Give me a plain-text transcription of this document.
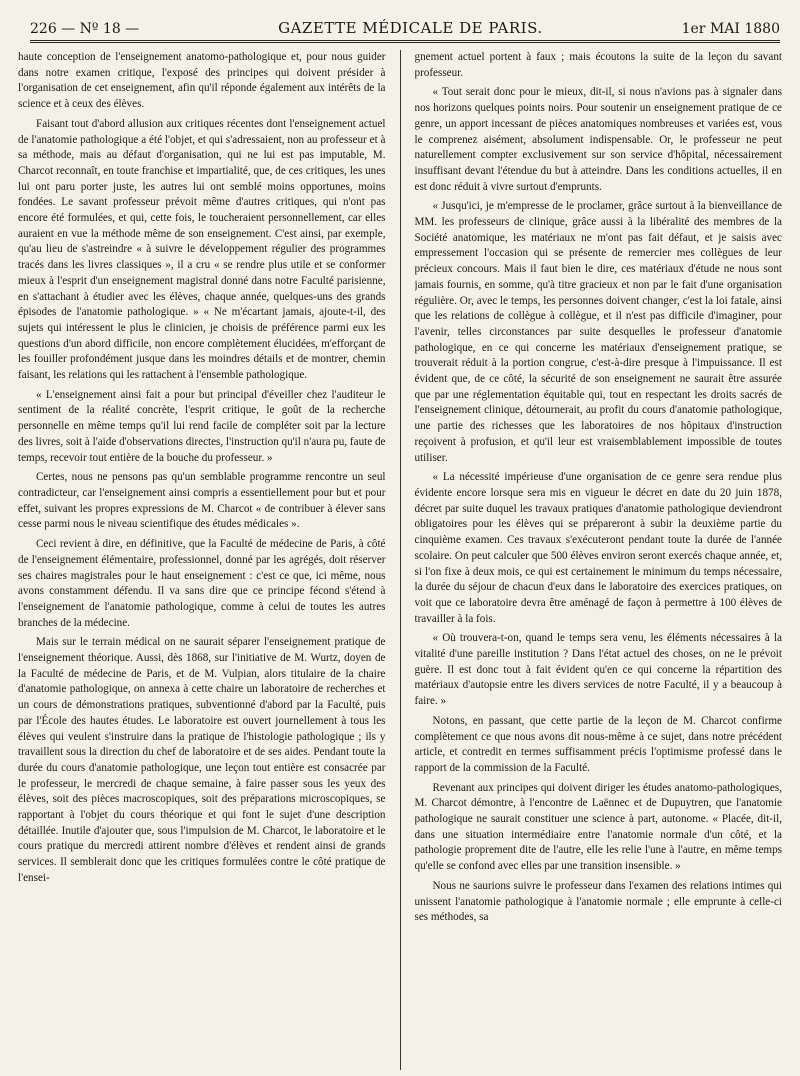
226 — Nº 18 —	GAZETTE MÉDICALE DE PARIS.	1er MAI 1880

haute conception de l'enseignement anatomo-pathologique et, pour nous guider dans notre examen critique, l'exposé des principes qui doivent présider à l'organisation de cet enseignement, afin qu'il réponde également aux intérêts de la science et à ceux des élèves.

Faisant tout d'abord allusion aux critiques récentes dont l'enseignement actuel de l'anatomie pathologique a été l'objet, et qui s'adressaient, non au professeur et à sa méthode, mais au défaut d'organisation, qui ne lui est pas imputable, M. Charcot reconnaît, en toute franchise et impartialité, que, de ces critiques, les unes lui ont paru porter juste, les autres lui ont semblé moins opportunes, moins fondées. Le savant professeur prévoit même d'autres critiques, qui n'ont pas encore été formulées, et qui, cette fois, le toucheraient personnellement, car elles auraient en vue la méthode même de son enseignement. C'est ainsi, par exemple, qu'au lieu de s'astreindre « à suivre le développement régulier des programmes tracés dans les livres classiques », il a cru « se rendre plus utile et se conformer mieux à l'esprit d'un enseignement magistral donné dans notre Faculté parisienne, en s'attachant à étudier avec les élèves, chaque année, quelques-uns des grands épisodes de l'anatomie pathologique. » « Ne m'écartant jamais, ajoute-t-il, des sujets qui intéressent le plus le clinicien, je choisis de préférence parmi eux les questions d'un abord difficile, non encore complètement élucidées, m'efforçant de les fouiller profondément jusque dans les moindres détails et de montrer, chemin faisant, les relations qui les rattachent à l'ensemble pathologique.

« L'enseignement ainsi fait a pour but principal d'éveiller chez l'auditeur le sentiment de la réalité concrète, l'esprit critique, le goût de la recherche personnelle en même temps qu'il lui rend facile de compléter soit par la lecture des livres, soit à l'aide d'observations directes, l'instruction qu'il n'aura pu, faute de temps, recevoir tout entière de la bouche du professeur. »

Certes, nous ne pensons pas qu'un semblable programme rencontre un seul contradicteur, car l'enseignement ainsi compris a essentiellement pour but et pour effet, suivant les propres expressions de M. Charcot « de contribuer à élever sans cesse parmi nous le niveau scientifique des études médicales ».

Ceci revient à dire, en définitive, que la Faculté de médecine de Paris, à côté de l'enseignement élémentaire, professionnel, donné par les agrégés, doit réserver ses chaires magistrales pour le haut enseignement : c'est ce que, ici même, nous avons constamment défendu. Il va sans dire que ce principe fécond s'étend à l'enseignement de l'anatomie pathologique, comme à celui de toutes les autres branches de la médecine.

Mais sur le terrain médical on ne saurait séparer l'enseignement pratique de l'enseignement théorique. Aussi, dès 1868, sur l'initiative de M. Wurtz, doyen de la Faculté de médecine de Paris, et de M. Vulpian, alors titulaire de la chaire d'anatomie pathologique, on annexa à cette chaire un laboratoire de recherches et un cours de démonstrations pratiques, subventionné d'abord par la Faculté, puis par l'École des hautes études. Le laboratoire est ouvert journellement à tous les élèves qui veulent s'instruire dans la pratique de l'histologie pathologique ; ils y travaillent sous la direction du chef de laboratoire et de ses aides. Pendant toute la durée du cours d'anatomie pathologique, une leçon tout entière est consacrée par le professeur, le mercredi de chaque semaine, à faire passer sous les yeux des élèves, soit des pièces macroscopiques, soit des préparations microscopiques, se rapportant à l'objet du cours théorique et qui font le sujet d'une description détaillée. Inutile d'ajouter que, sous l'impulsion de M. Charcot, le laboratoire et le cours pratique du mercredi attirent nombre d'élèves et rendent ainsi de grands services. Il semblerait donc que les critiques formulées contre le côté pratique de l'ensei-

gnement actuel portent à faux ; mais écoutons la suite de la leçon du savant professeur.

« Tout serait donc pour le mieux, dit-il, si nous n'avions pas à signaler dans nos horizons quelques points noirs. Pour soutenir un enseignement pratique de ce genre, un apport incessant de pièces anatomiques nombreuses et variées est, vous le comprenez aisément, absolument indispensable. Or, le professeur ne peut naturellement compter exclusivement sur son service d'hôpital, nécessairement insuffisant devant l'étendue du but à atteindre. Dans les conditions actuelles, il en est donc réduit à vivre surtout d'emprunts.

« Jusqu'ici, je m'empresse de le proclamer, grâce surtout à la bienveillance de MM. les professeurs de clinique, grâce aussi à la libéralité des membres de la Société anatomique, les matériaux ne m'ont pas fait défaut, et je saisis avec empressement l'occasion qui se présente de remercier mes collègues de leur précieux concours. Mais il faut bien le dire, ces matériaux d'étude ne nous sont jamais fournis, en somme, qu'à titre gracieux et non par le fait d'une organisation régulière. Or, avec le temps, les personnes doivent changer, c'est la loi fatale, ainsi que les relations de collègue à collègue, et il n'est pas difficile d'imaginer, pour l'avenir, telles circonstances par suite desquelles le professeur d'anatomie pathologique, en ce qui concerne les matériaux d'enseignement pratique, se trouverait réduit à la portion congrue, c'est-à-dire presque à l'impuissance. Il est évident que, de ce côté, la sécurité de son enseignement ne saurait être assurée que par une réglementation équitable qui, tout en respectant les droits sacrés de l'enseignement clinique, détournerait, au profit du cours d'anatomie pathologique, une partie des richesses que les laboratoires de nos hôpitaux d'instruction reçoivent à profusion, et qu'il leur est vraisemblablement impossible de toutes utiliser.

« La nécessité impérieuse d'une organisation de ce genre sera rendue plus évidente encore lorsque sera mis en vigueur le décret en date du 20 juin 1878, décret par suite duquel les travaux pratiques d'anatomie pathologique deviendront obligatoires pour les élèves qui se prépareront à subir la deuxième partie du cinquième examen. Ces travaux s'exécuteront pendant toute la durée de l'année scolaire. On peut calculer que 500 élèves environ seront exercés chaque année, et, si l'on fixe à deux mois, ce qui est certainement le minimum du temps nécessaire, la durée du séjour de chacun d'eux dans le laboratoire des exercices pratiques, on voit que ce laboratoire devra être aménagé de façon à permettre à 100 élèves de travailler à la fois.

« Où trouvera-t-on, quand le temps sera venu, les éléments nécessaires à la vitalité d'une pareille institution ? Dans l'état actuel des choses, on ne le prévoit guère. Il est donc tout à fait évident qu'en ce qui concerne la répartition des matériaux d'autopsie entre les divers services de notre Faculté, il y a beaucoup à faire. »

Notons, en passant, que cette partie de la leçon de M. Charcot confirme complètement ce que nous avons dit nous-même à ce sujet, dans notre précédent article, et contredit en termes suffisamment précis l'optimisme professé dans le rapport de la commission de la Faculté.

Revenant aux principes qui doivent diriger les études anatomo-pathologiques, M. Charcot démontre, à l'encontre de Laënnec et de Dupuytren, que l'anatomie pathologique ne saurait constituer une science à part, autonome. « Placée, dit-il, dans une situation intermédiaire entre l'anatomie normale d'un côté, et la pathologie proprement dite de l'autre, elle les relie l'une à l'autre, en même temps qu'elle se confond avec elles par une transition insensible. »

Nous ne saurions suivre le professeur dans l'examen des relations intimes qui unissent l'anatomie pathologique à l'anatomie normale ; elle emprunte à celle-ci ses méthodes, sa
